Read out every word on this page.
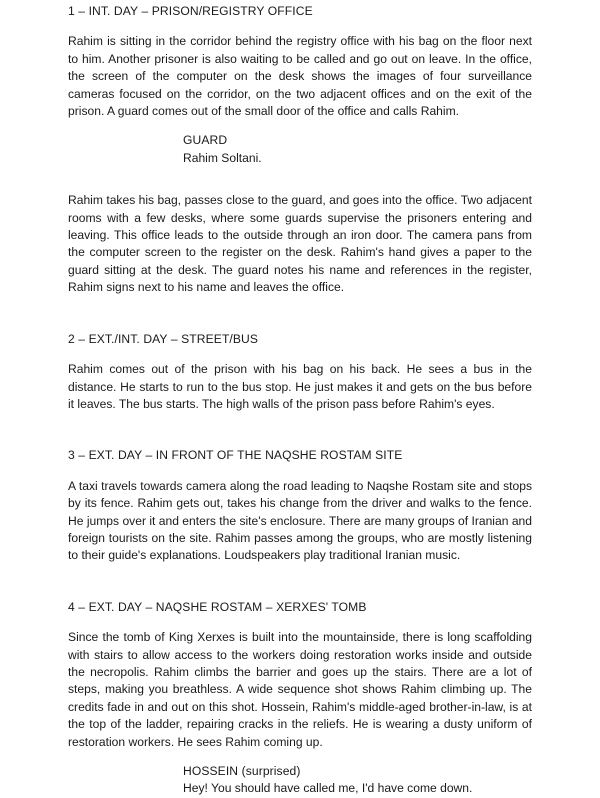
1 – INT. DAY – PRISON/REGISTRY OFFICE

Rahim is sitting in the corridor behind the registry office with his bag on the floor next to him. Another prisoner is also waiting to be called and go out on leave. In the office, the screen of the computer on the desk shows the images of four surveillance cameras focused on the corridor, on the two adjacent offices and on the exit of the prison. A guard comes out of the small door of the office and calls Rahim.

GUARD
Rahim Soltani.

Rahim takes his bag, passes close to the guard, and goes into the office. Two adjacent rooms with a few desks, where some guards supervise the prisoners entering and leaving. This office leads to the outside through an iron door. The camera pans from the computer screen to the register on the desk. Rahim's hand gives a paper to the guard sitting at the desk. The guard notes his name and references in the register, Rahim signs next to his name and leaves the office.

2 – EXT./INT. DAY – STREET/BUS

Rahim comes out of the prison with his bag on his back. He sees a bus in the distance. He starts to run to the bus stop. He just makes it and gets on the bus before it leaves. The bus starts. The high walls of the prison pass before Rahim's eyes.

3 – EXT. DAY – IN FRONT OF THE NAQSHE ROSTAM SITE

A taxi travels towards camera along the road leading to Naqshe Rostam site and stops by its fence. Rahim gets out, takes his change from the driver and walks to the fence. He jumps over it and enters the site's enclosure. There are many groups of Iranian and foreign tourists on the site. Rahim passes among the groups, who are mostly listening to their guide's explanations. Loudspeakers play traditional Iranian music.

4 – EXT. DAY – NAQSHE ROSTAM – XERXES' TOMB

Since the tomb of King Xerxes is built into the mountainside, there is long scaffolding with stairs to allow access to the workers doing restoration works inside and outside the necropolis. Rahim climbs the barrier and goes up the stairs. There are a lot of steps, making you breathless. A wide sequence shot shows Rahim climbing up. The credits fade in and out on this shot. Hossein, Rahim's middle-aged brother-in-law, is at the top of the ladder, repairing cracks in the reliefs. He is wearing a dusty uniform of restoration workers. He sees Rahim coming up.

HOSSEIN (surprised)
Hey! You should have called me, I'd have come down.
